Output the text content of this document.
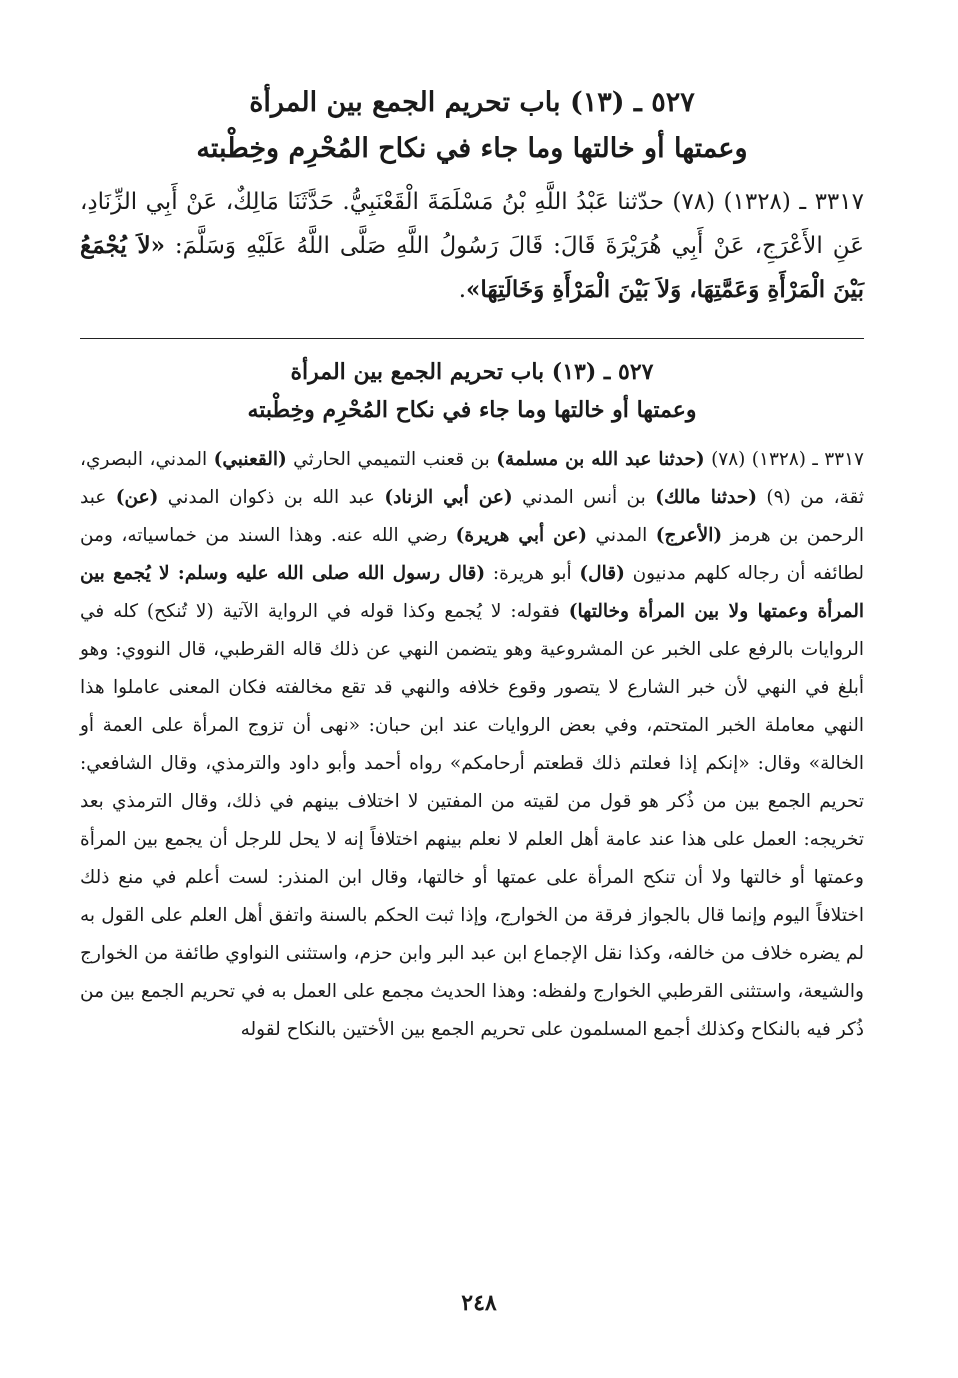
٥٢٧ ـ (١٣) باب تحريم الجمع بين المرأة
وعمتها أو خالتها وما جاء في نكاح المُحْرِم وخِطْبته

٣٣١٧ ـ (١٣٢٨) (٧٨) حدّثنا عَبْدُ اللَّهِ بْنُ مَسْلَمَةَ الْقَعْنَبِيُّ. حَدَّثَنَا مَالِكٌ، عَنْ أَبِي الزِّنَادِ، عَنِ الأَعْرَجِ، عَنْ أَبِي هُرَيْرَةَ قَالَ: قَالَ رَسُولُ اللَّهِ صَلَّى اللَّهُ عَلَيْهِ وَسَلَّمَ: «لاَ يُجْمَعُ بَيْنَ الْمَرْأَةِ وَعَمَّتِهَا، وَلاَ بَيْنَ الْمَرْأَةِ وَخَالَتِهَا».

٥٢٧ ـ (١٣) باب تحريم الجمع بين المرأة
وعمتها أو خالتها وما جاء في نكاح المُحْرِم وخِطْبته

٣٣١٧ ـ (١٣٢٨) (٧٨) (حدثنا عبد الله بن مسلمة) بن قعنب التميمي الحارثي (القعنبي) المدني، البصري، ثقة، من (٩) (حدثنا مالك) بن أنس المدني (عن أبي الزناد) عبد الله بن ذكوان المدني (عن) عبد الرحمن بن هرمز (الأعرج) المدني (عن أبي هريرة) رضي الله عنه. وهذا السند من خماسياته، ومن لطائفه أن رجاله كلهم مدنيون (قال) أبو هريرة: (قال رسول الله صلى الله عليه وسلم: لا يُجمع بين المرأة وعمتها ولا بين المرأة وخالتها) فقوله: لا يُجمع وكذا قوله في الرواية الآتية (لا تُنكح) كله في الروايات بالرفع على الخبر عن المشروعية وهو يتضمن النهي عن ذلك قاله القرطبي، قال النووي: وهو أبلغ في النهي لأن خبر الشارع لا يتصور وقوع خلافه والنهي قد تقع مخالفته فكان المعنى عاملوا هذا النهي معاملة الخبر المتحتم، وفي بعض الروايات عند ابن حبان: «نهى أن تزوج المرأة على العمة أو الخالة» وقال: «إنكم إذا فعلتم ذلك قطعتم أرحامكم» رواه أحمد وأبو داود والترمذي، وقال الشافعي: تحريم الجمع بين من ذُكر هو قول من لقيته من المفتين لا اختلاف بينهم في ذلك، وقال الترمذي بعد تخريجه: العمل على هذا عند عامة أهل العلم لا نعلم بينهم اختلافاً إنه لا يحل للرجل أن يجمع بين المرأة وعمتها أو خالتها ولا أن تنكح المرأة على عمتها أو خالتها، وقال ابن المنذر: لست أعلم في منع ذلك اختلافاً اليوم وإنما قال بالجواز فرقة من الخوارج، وإذا ثبت الحكم بالسنة واتفق أهل العلم على القول به لم يضره خلاف من خالفه، وكذا نقل الإجماع ابن عبد البر وابن حزم، واستثنى النواوي طائفة من الخوارج والشيعة، واستثنى القرطبي الخوارج ولفظه: وهذا الحديث مجمع على العمل به في تحريم الجمع بين من ذُكر فيه بالنكاح وكذلك أجمع المسلمون على تحريم الجمع بين الأختين بالنكاح لقوله

٢٤٨
